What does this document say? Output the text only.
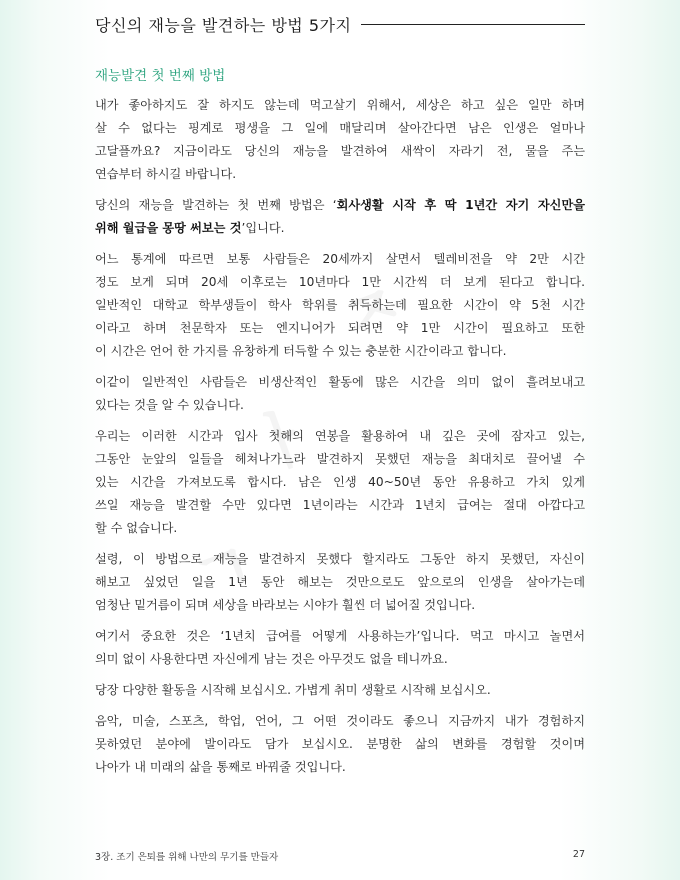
당신의 재능을 발견하는 방법 5가지
재능발견 첫 번째 방법

내가 좋아하지도 잘 하지도 않는데 먹고살기 위해서, 세상은 하고 싶은 일만 하며
살 수 없다는 핑계로 평생을 그 일에 매달리며 살아간다면 남은 인생은 얼마나
고달플까요? 지금이라도 당신의 재능을 발견하여 새싹이 자라기 전, 물을 주는
연습부터 하시길 바랍니다.

당신의 재능을 발견하는 첫 번째 방법은 ‘회사생활 시작 후 딱 1년간 자기 자신만을
위해 월급을 몽땅 써보는 것’입니다.

어느 통계에 따르면 보통 사람들은 20세까지 살면서 텔레비전을 약 2만 시간
정도 보게 되며 20세 이후로는 10년마다 1만 시간씩 더 보게 된다고 합니다.
일반적인 대학교 학부생들이 학사 학위를 취득하는데 필요한 시간이 약 5천 시간
이라고 하며 천문학자 또는 엔지니어가 되려면 약 1만 시간이 필요하고 또한
이 시간은 언어 한 가지를 유창하게 터득할 수 있는 충분한 시간이라고 합니다.

이같이 일반적인 사람들은 비생산적인 활동에 많은 시간을 의미 없이 흘려보내고
있다는 것을 알 수 있습니다.

우리는 이러한 시간과 입사 첫해의 연봉을 활용하여 내 깊은 곳에 잠자고 있는,
그동안 눈앞의 일들을 헤쳐나가느라 발견하지 못했던 재능을 최대치로 끌어낼 수
있는 시간을 가져보도록 합시다. 남은 인생 40~50년 동안 유용하고 가치 있게
쓰일 재능을 발견할 수만 있다면 1년이라는 시간과 1년치 급여는 절대 아깝다고
할 수 없습니다.

설령, 이 방법으로 재능을 발견하지 못했다 할지라도 그동안 하지 못했던, 자신이
해보고 싶었던 일을 1년 동안 해보는 것만으로도 앞으로의 인생을 살아가는데
엄청난 밑거름이 되며 세상을 바라보는 시야가 훨씬 더 넓어질 것입니다.

여기서 중요한 것은 ‘1년치 급여를 어떻게 사용하는가’입니다. 먹고 마시고 놀면서
의미 없이 사용한다면 자신에게 남는 것은 아무것도 없을 테니까요.

당장 다양한 활동을 시작해 보십시오. 가볍게 취미 생활로 시작해 보십시오.

음악, 미술, 스포츠, 학업, 언어, 그 어떤 것이라도 좋으니 지금까지 내가 경험하지
못하였던 분야에 발이라도 담가 보십시오. 분명한 삶의 변화를 경험할 것이며
나아가 내 미래의 삶을 통째로 바꿔줄 것입니다.

3장. 조기 은퇴를 위해 나만의 무기를 만들자	27
